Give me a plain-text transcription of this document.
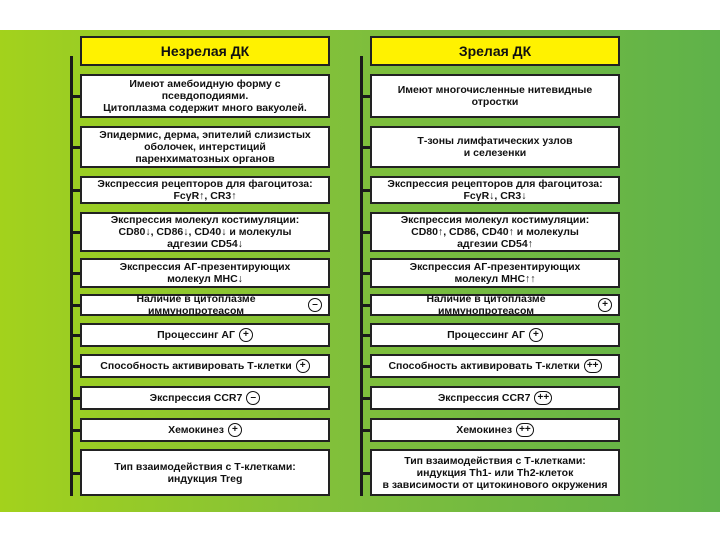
Незрелая ДК
Имеют амебоидную форму с
псевдоподиями.
Цитоплазма содержит много вакуолей.
Эпидермис, дерма, эпителий слизистых
оболочек, интерстиций
паренхиматозных органов
Экспрессия рецепторов для фагоцитоза:
FcγR↑, CR3↑
Экспрессия молекул костимуляции:
CD80↓, CD86↓, CD40↓ и молекулы
адгезии CD54↓
Экспрессия АГ-презентирующих
молекул MHC↓
Наличие в цитоплазме иммунопротеасом
–
Процессинг АГ +
Способность активировать Т-клетки +
Экспрессия CCR7 –
Хемокинез +
Тип взаимодействия с Т-клетками:
индукция Treg
Зрелая ДК
Имеют многочисленные нитевидные
отростки
Т-зоны лимфатических узлов
и селезенки
Экспрессия рецепторов для фагоцитоза:
FcγR↓, CR3↓
Экспрессия молекул костимуляции:
CD80↑, CD86, CD40↑ и молекулы
адгезии CD54↑
Экспрессия АГ-презентирующих
молекул MHC↑↑
Наличие в цитоплазме иммунопротеасом
+
Процессинг АГ +
Способность активировать Т-клетки ++
Экспрессия CCR7 ++
Хемокинез ++
Тип взаимодействия с Т-клетками:
индукция Th1- или Th2-клеток
в зависимости от цитокинового окружения
